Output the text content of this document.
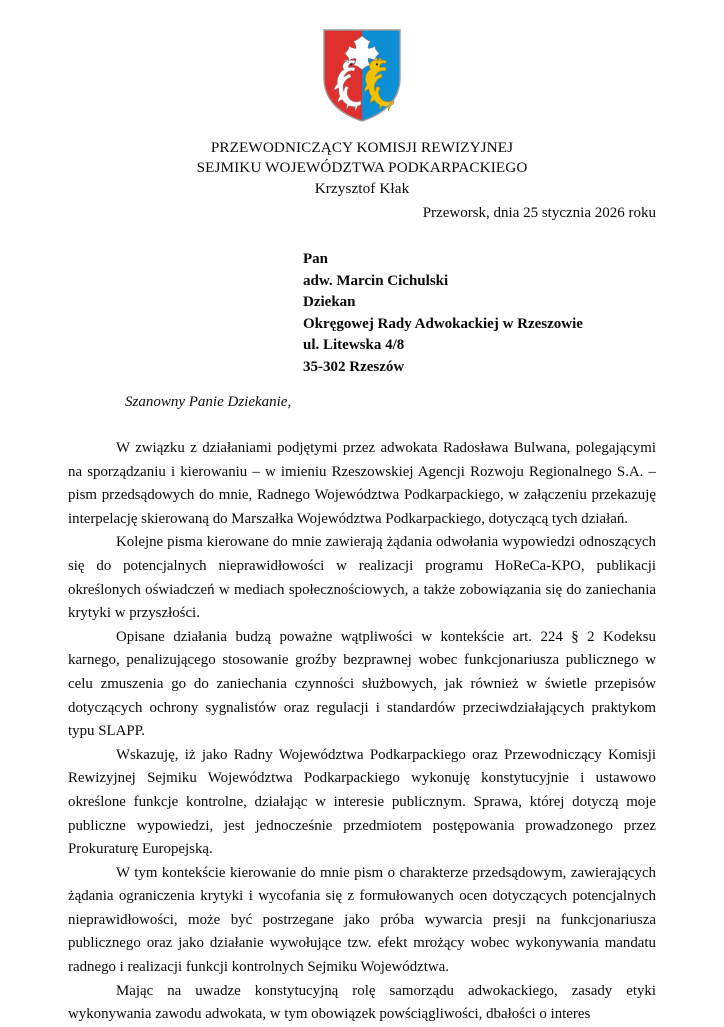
PRZEWODNICZĄCY KOMISJI REWIZYJNEJ
SEJMIKU WOJEWÓDZTWA PODKARPACKIEGO
Krzysztof Kłak
Przeworsk, dnia 25 stycznia 2026 roku
Pan
adw. Marcin Cichulski
Dziekan
Okręgowej Rady Adwokackiej w Rzeszowie
ul. Litewska 4/8
35-302 Rzeszów
Szanowny Panie Dziekanie,

W związku z działaniami podjętymi przez adwokata Radosława Bulwana, polegającymi na sporządzaniu i kierowaniu – w imieniu Rzeszowskiej Agencji Rozwoju Regionalnego S.A. – pism przedsądowych do mnie, Radnego Województwa Podkarpackiego, w załączeniu przekazuję interpelację skierowaną do Marszałka Województwa Podkarpackiego, dotyczącą tych działań.

Kolejne pisma kierowane do mnie zawierają żądania odwołania wypowiedzi odnoszących się do potencjalnych nieprawidłowości w realizacji programu HoReCa-KPO, publikacji określonych oświadczeń w mediach społecznościowych, a także zobowiązania się do zaniechania krytyki w przyszłości.

Opisane działania budzą poważne wątpliwości w kontekście art. 224 § 2 Kodeksu karnego, penalizującego stosowanie groźby bezprawnej wobec funkcjonariusza publicznego w celu zmuszenia go do zaniechania czynności służbowych, jak również w świetle przepisów dotyczących ochrony sygnalistów oraz regulacji i standardów przeciwdziałających praktykom typu SLAPP.

Wskazuję, iż jako Radny Województwa Podkarpackiego oraz Przewodniczący Komisji Rewizyjnej Sejmiku Województwa Podkarpackiego wykonuję konstytucyjnie i ustawowo określone funkcje kontrolne, działając w interesie publicznym. Sprawa, której dotyczą moje publiczne wypowiedzi, jest jednocześnie przedmiotem postępowania prowadzonego przez Prokuraturę Europejską.

W tym kontekście kierowanie do mnie pism o charakterze przedsądowym, zawierających żądania ograniczenia krytyki i wycofania się z formułowanych ocen dotyczących potencjalnych nieprawidłowości, może być postrzegane jako próba wywarcia presji na funkcjonariusza publicznego oraz jako działanie wywołujące tzw. efekt mrożący wobec wykonywania mandatu radnego i realizacji funkcji kontrolnych Sejmiku Województwa.

Mając na uwadze konstytucyjną rolę samorządu adwokackiego, zasady etyki wykonywania zawodu adwokata, w tym obowiązek powściągliwości, dbałości o interes
